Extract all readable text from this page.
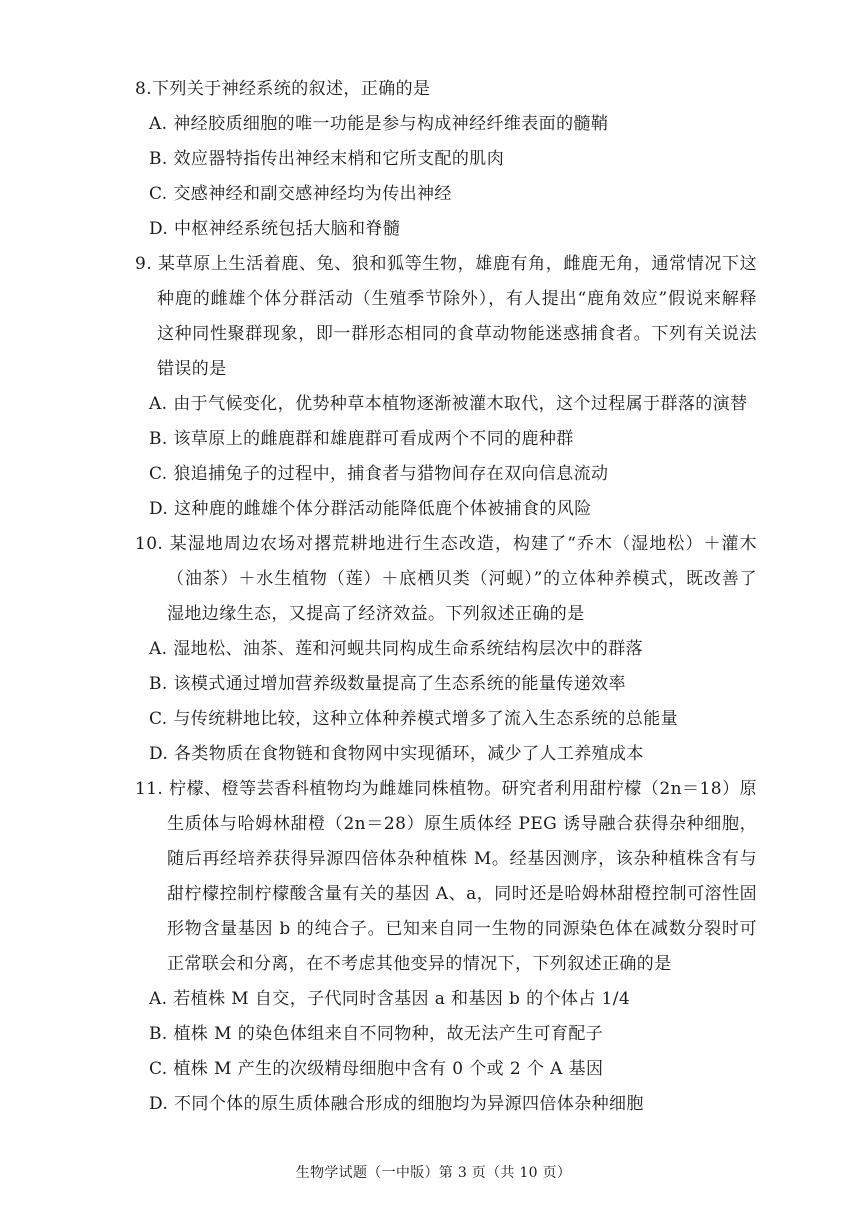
8.下列关于神经系统的叙述，正确的是

A. 神经胶质细胞的唯一功能是参与构成神经纤维表面的髓鞘

B. 效应器特指传出神经末梢和它所支配的肌肉

C. 交感神经和副交感神经均为传出神经

D. 中枢神经系统包括大脑和脊髓

9. 某草原上生活着鹿、兔、狼和狐等生物，雄鹿有角，雌鹿无角，通常情况下这种鹿的雌雄个体分群活动（生殖季节除外），有人提出“鹿角效应”假说来解释这种同性聚群现象，即一群形态相同的食草动物能迷惑捕食者。下列有关说法错误的是

A. 由于气候变化，优势种草本植物逐渐被灌木取代，这个过程属于群落的演替

B. 该草原上的雌鹿群和雄鹿群可看成两个不同的鹿种群

C. 狼追捕兔子的过程中，捕食者与猎物间存在双向信息流动

D. 这种鹿的雌雄个体分群活动能降低鹿个体被捕食的风险

10. 某湿地周边农场对撂荒耕地进行生态改造，构建了“乔木（湿地松）＋灌木（油茶）＋水生植物（莲）＋底栖贝类（河蚬）”的立体种养模式，既改善了湿地边缘生态，又提高了经济效益。下列叙述正确的是

A. 湿地松、油茶、莲和河蚬共同构成生命系统结构层次中的群落

B. 该模式通过增加营养级数量提高了生态系统的能量传递效率

C. 与传统耕地比较，这种立体种养模式增多了流入生态系统的总能量

D. 各类物质在食物链和食物网中实现循环，减少了人工养殖成本

11. 柠檬、橙等芸香科植物均为雌雄同株植物。研究者利用甜柠檬（2n＝18）原生质体与哈姆林甜橙（2n＝28）原生质体经 PEG 诱导融合获得杂种细胞，随后再经培养获得异源四倍体杂种植株 M。经基因测序，该杂种植株含有与甜柠檬控制柠檬酸含量有关的基因 A、a，同时还是哈姆林甜橙控制可溶性固形物含量基因 b 的纯合子。已知来自同一生物的同源染色体在减数分裂时可正常联会和分离，在不考虑其他变异的情况下，下列叙述正确的是

A. 若植株 M 自交，子代同时含基因 a 和基因 b 的个体占 1/4

B. 植株 M 的染色体组来自不同物种，故无法产生可育配子

C. 植株 M 产生的次级精母细胞中含有 0 个或 2 个 A 基因

D. 不同个体的原生质体融合形成的细胞均为异源四倍体杂种细胞

生物学试题（一中版）第 3 页（共 10 页）
